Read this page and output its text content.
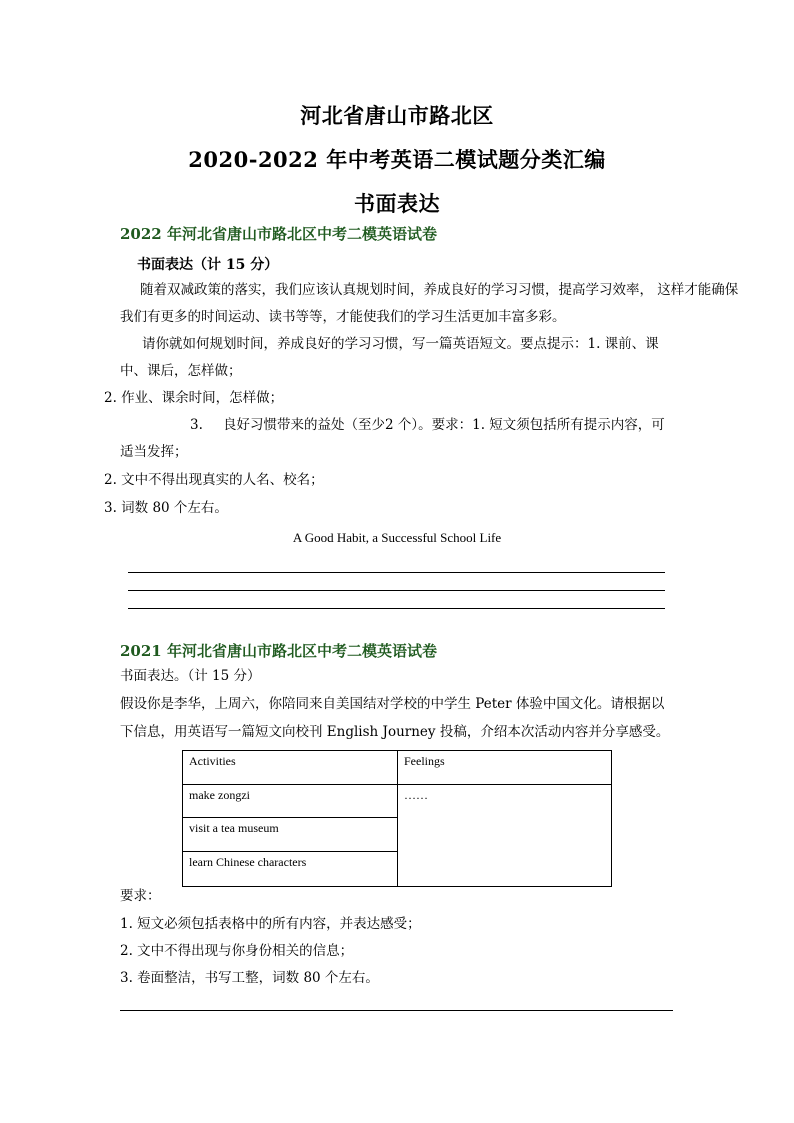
河北省唐山市路北区
2020-2022 年中考英语二模试题分类汇编
书面表达
2022 年河北省唐山市路北区中考二模英语试卷
书面表达（计 15 分）
随着双减政策的落实，我们应该认真规划时间，养成良好的学习习惯，提高学习效率， 这样才能确保
我们有更多的时间运动、读书等等，才能使我们的学习生活更加丰富多彩。
请你就如何规划时间，养成良好的学习习惯，写一篇英语短文。要点提示：1. 课前、课
中、课后，怎样做；
2. 作业、课余时间，怎样做；
3. 良好习惯带来的益处（至少2 个）。要求：1. 短文须包括所有提示内容，可
适当发挥；
2. 文中不得出现真实的人名、校名；
3. 词数 80 个左右。
A Good Habit, a Successful School Life
2021 年河北省唐山市路北区中考二模英语试卷
书面表达。（计 15 分）
假设你是李华，上周六，你陪同来自美国结对学校的中学生 Peter 体验中国文化。请根据以
下信息，用英语写一篇短文向校刊 English Journey 投稿，介绍本次活动内容并分享感受。
Activities	Feelings
make zongzi	……
visit a tea museum	
learn Chinese characters	
要求：
1. 短文必须包括表格中的所有内容，并表达感受；
2. 文中不得出现与你身份相关的信息；
3. 卷面整洁，书写工整，词数 80 个左右。
